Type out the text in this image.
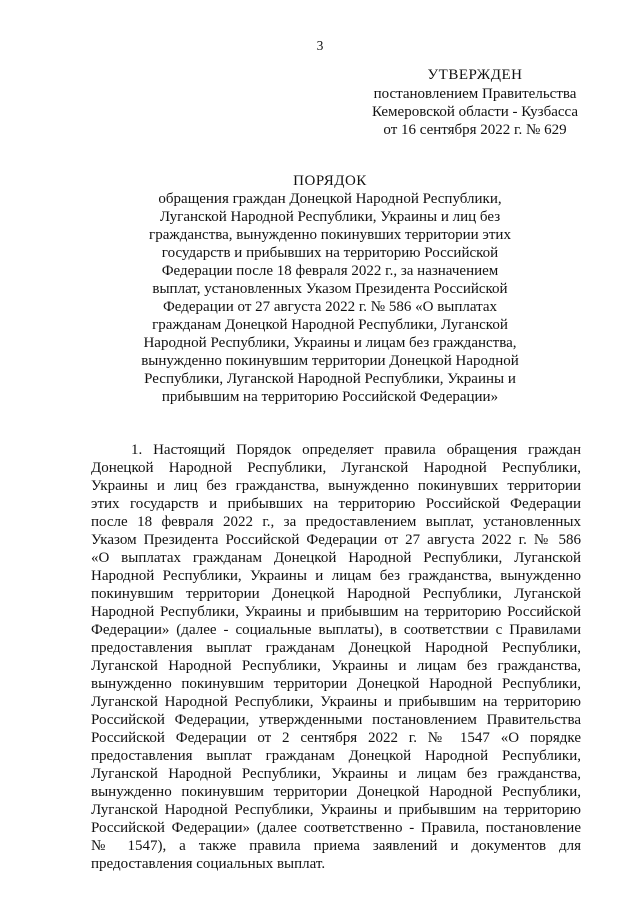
3
УТВЕРЖДЕН
постановлением Правительства
Кемеровской области - Кузбасса
от 16 сентября 2022 г. № 629
ПОРЯДОК
обращения граждан Донецкой Народной Республики,
Луганской Народной Республики, Украины и лиц без
гражданства, вынужденно покинувших территории этих
государств и прибывших на территорию Российской
Федерации после 18 февраля 2022 г., за назначением
выплат, установленных Указом Президента Российской
Федерации от 27 августа 2022 г. № 586 «О выплатах
гражданам Донецкой Народной Республики, Луганской
Народной Республики, Украины и лицам без гражданства,
вынужденно покинувшим территории Донецкой Народной
Республики, Луганской Народной Республики, Украины и
прибывшим на территорию Российской Федерации»
1. Настоящий Порядок определяет правила обращения граждан
Донецкой Народной Республики, Луганской Народной Республики,
Украины и лиц без гражданства, вынужденно покинувших территории
этих государств и прибывших на территорию Российской Федерации
после 18 февраля 2022 г., за предоставлением выплат, установленных
Указом Президента Российской Федерации от 27 августа 2022 г. № 586
«О выплатах гражданам Донецкой Народной Республики, Луганской
Народной Республики, Украины и лицам без гражданства, вынужденно
покинувшим территории Донецкой Народной Республики, Луганской
Народной Республики, Украины и прибывшим на территорию Российской
Федерации» (далее - социальные выплаты), в соответствии с Правилами
предоставления выплат гражданам Донецкой Народной Республики,
Луганской Народной Республики, Украины и лицам без гражданства,
вынужденно покинувшим территории Донецкой Народной Республики,
Луганской Народной Республики, Украины и прибывшим на территорию
Российской Федерации, утвержденными постановлением Правительства
Российской Федерации от 2 сентября 2022 г. № 1547 «О порядке
предоставления выплат гражданам Донецкой Народной Республики,
Луганской Народной Республики, Украины и лицам без гражданства,
вынужденно покинувшим территории Донецкой Народной Республики,
Луганской Народной Республики, Украины и прибывшим на территорию
Российской Федерации» (далее соответственно - Правила, постановление
№ 1547), а также правила приема заявлений и документов для
предоставления социальных выплат.
